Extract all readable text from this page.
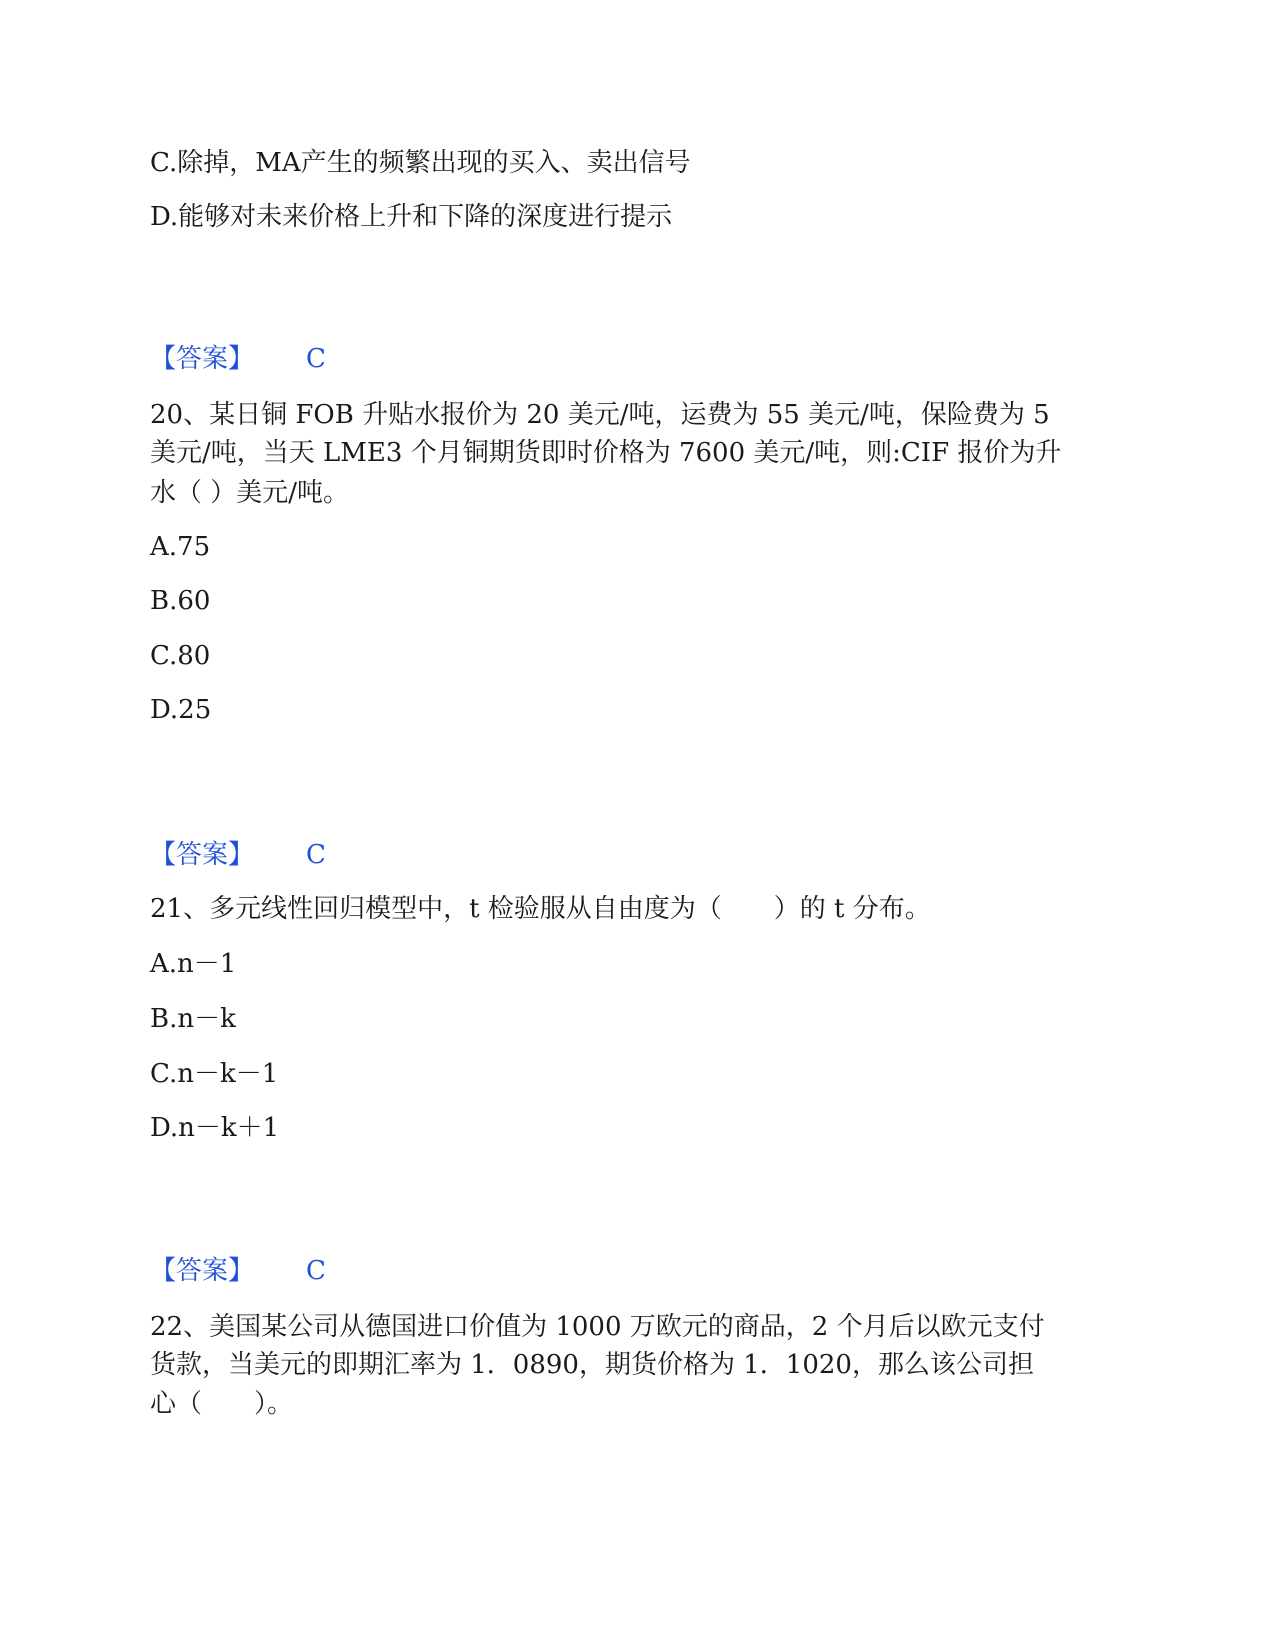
C.除掉，MA产生的频繁出现的买入、卖出信号
D.能够对未来价格上升和下降的深度进行提示
【答案】 C
20、某日铜 FOB 升贴水报价为 20 美元/吨，运费为 55 美元/吨，保险费为 5
美元/吨，当天 LME3 个月铜期货即时价格为 7600 美元/吨，则:CIF 报价为升
水（ ）美元/吨。
A.75
B.60
C.80
D.25
【答案】 C
21、多元线性回归模型中，t 检验服从自由度为（　　）的 t 分布。
A.n－1
B.n－k
C.n－k－1
D.n－k＋1
【答案】 C
22、美国某公司从德国进口价值为 1000 万欧元的商品，2 个月后以欧元支付
货款，当美元的即期汇率为 1．0890，期货价格为 1．1020，那么该公司担
心（　　）。
